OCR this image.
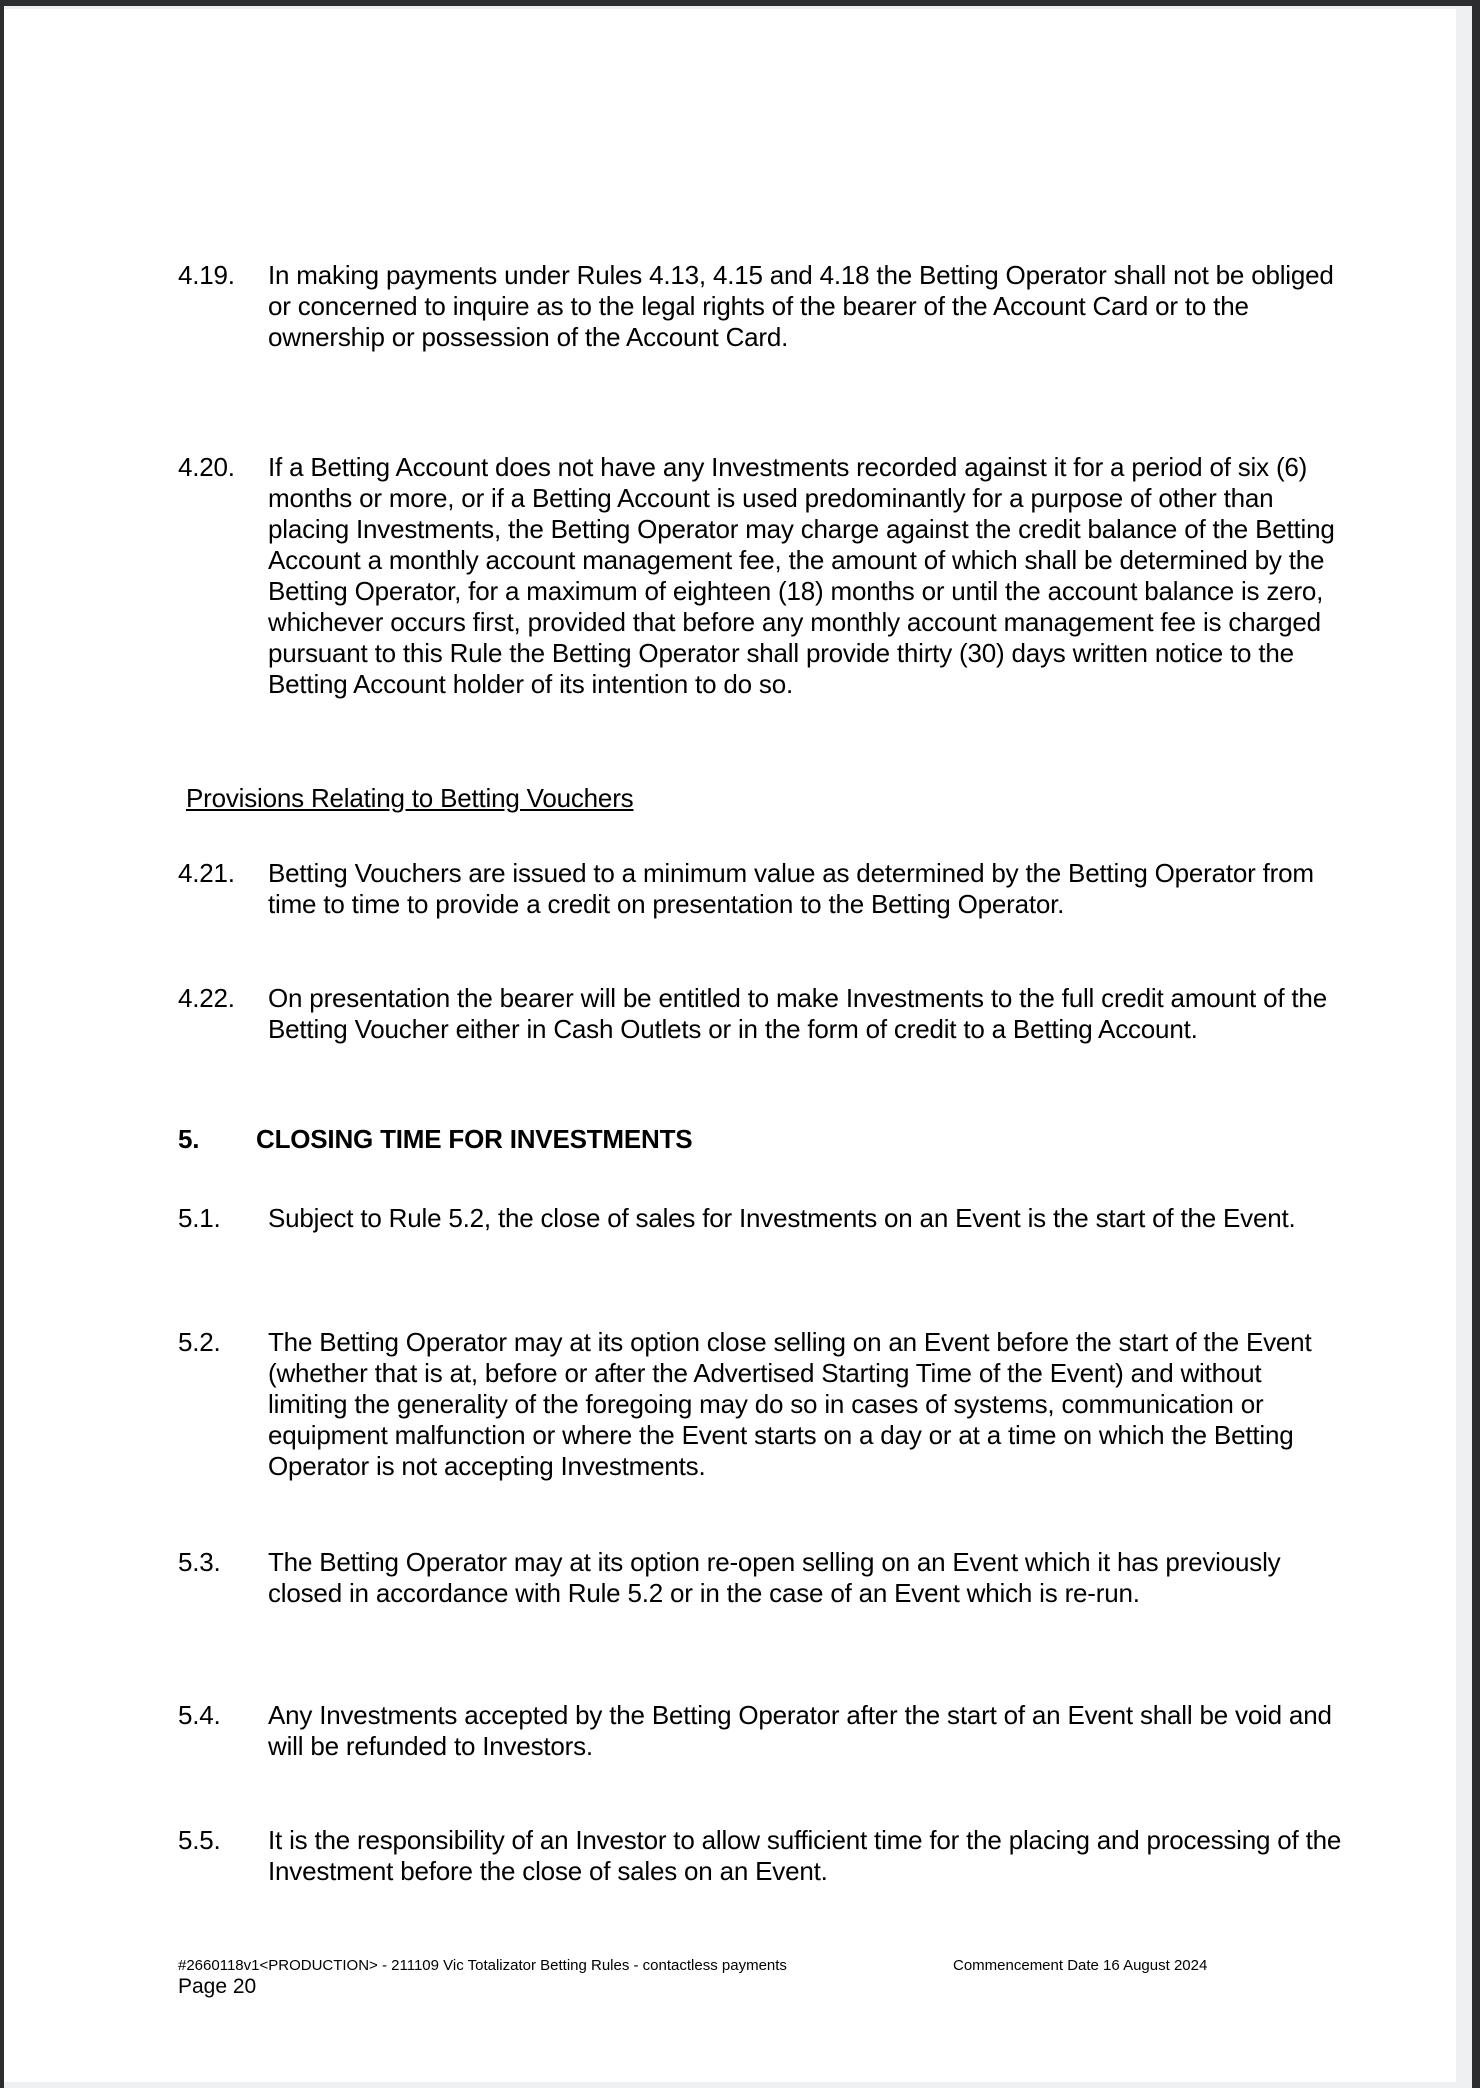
4.19.	In making payments under Rules 4.13, 4.15 and 4.18 the Betting Operator shall not be obliged or concerned to inquire as to the legal rights of the bearer of the Account Card or to the ownership or possession of the Account Card.
4.20.	If a Betting Account does not have any Investments recorded against it for a period of six (6) months or more, or if a Betting Account is used predominantly for a purpose of other than placing Investments, the Betting Operator may charge against the credit balance of the Betting Account a monthly account management fee, the amount of which shall be determined by the Betting Operator, for a maximum of eighteen (18) months or until the account balance is zero, whichever occurs first, provided that before any monthly account management fee is charged pursuant to this Rule the Betting Operator shall provide thirty (30) days written notice to the Betting Account holder of its intention to do so.
Provisions Relating to Betting Vouchers
4.21.	Betting Vouchers are issued to a minimum value as determined by the Betting Operator from time to time to provide a credit on presentation to the Betting Operator.
4.22.	On presentation the bearer will be entitled to make Investments to the full credit amount of the Betting Voucher either in Cash Outlets or in the form of credit to a Betting Account.
5.	CLOSING TIME FOR INVESTMENTS
5.1.	Subject to Rule 5.2, the close of sales for Investments on an Event is the start of the Event.
5.2.	The Betting Operator may at its option close selling on an Event before the start of the Event (whether that is at, before or after the Advertised Starting Time of the Event) and without limiting the generality of the foregoing may do so in cases of systems, communication or equipment malfunction or where the Event starts on a day or at a time on which the Betting Operator is not accepting Investments.
5.3.	The Betting Operator may at its option re-open selling on an Event which it has previously closed in accordance with Rule 5.2 or in the case of an Event which is re-run.
5.4.	Any Investments accepted by the Betting Operator after the start of an Event shall be void and will be refunded to Investors.
5.5.	It is the responsibility of an Investor to allow sufficient time for the placing and processing of the Investment before the close of sales on an Event.
#2660118v1<PRODUCTION> - 211109 Vic Totalizator Betting Rules - contactless payments	Commencement Date 16 August 2024
Page 20
